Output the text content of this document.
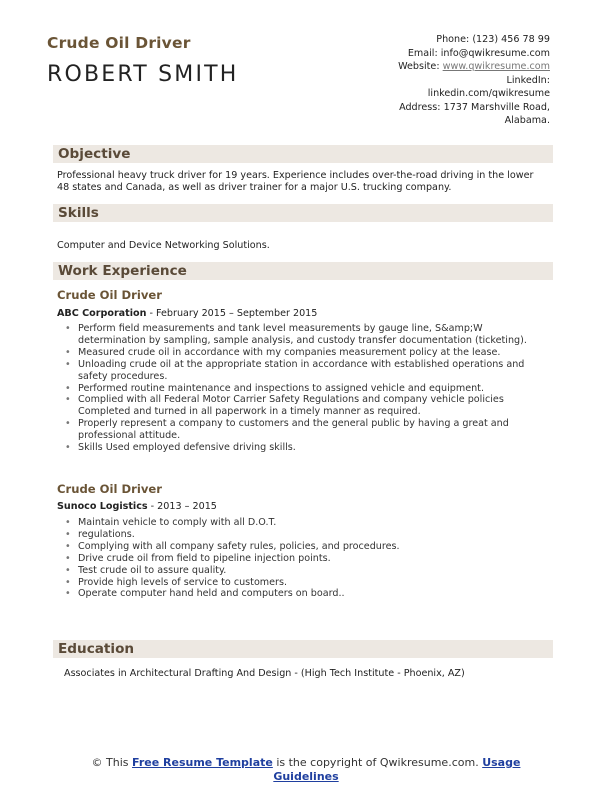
Crude Oil Driver
ROBERT SMITH
Phone: (123) 456 78 99
Email: info@qwikresume.com
Website: www.qwikresume.com
LinkedIn:
linkedin.com/qwikresume
Address: 1737 Marshville Road,
Alabama.
Objective
Professional heavy truck driver for 19 years. Experience includes over-the-road driving in the lower 48 states and Canada, as well as driver trainer for a major U.S. trucking company.
Skills
Computer and Device Networking Solutions.
Work Experience
Crude Oil Driver
ABC Corporation - February 2015 – September 2015
• Perform field measurements and tank level measurements by gauge line, S&amp;W determination by sampling, sample analysis, and custody transfer documentation (ticketing).
• Measured crude oil in accordance with my companies measurement policy at the lease.
• Unloading crude oil at the appropriate station in accordance with established operations and safety procedures.
• Performed routine maintenance and inspections to assigned vehicle and equipment.
• Complied with all Federal Motor Carrier Safety Regulations and company vehicle policies Completed and turned in all paperwork in a timely manner as required.
• Properly represent a company to customers and the general public by having a great and professional attitude.
• Skills Used employed defensive driving skills.
Crude Oil Driver
Sunoco Logistics - 2013 – 2015
• Maintain vehicle to comply with all D.O.T.
• regulations.
• Complying with all company safety rules, policies, and procedures.
• Drive crude oil from field to pipeline injection points.
• Test crude oil to assure quality.
• Provide high levels of service to customers.
• Operate computer hand held and computers on board..
Education
Associates in Architectural Drafting And Design - (High Tech Institute - Phoenix, AZ)
© This Free Resume Template is the copyright of Qwikresume.com. Usage Guidelines
